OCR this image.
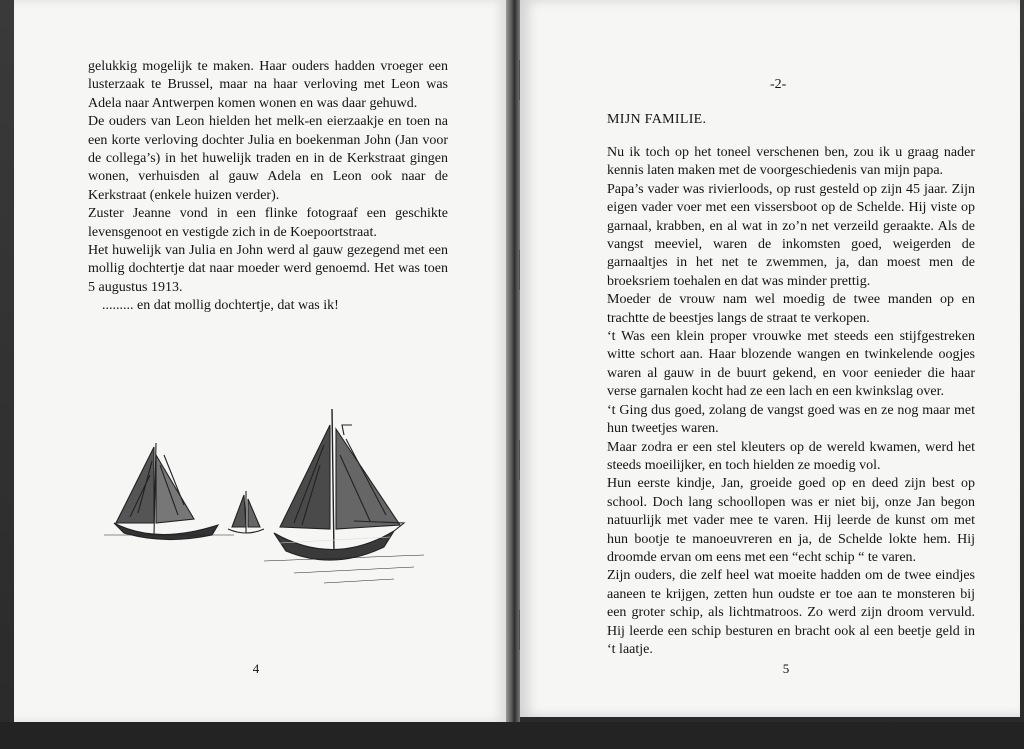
gelukkig mogelijk te maken. Haar ouders hadden vroeger een lusterzaak te Brussel, maar na haar verloving met Leon was Adela naar Antwerpen komen wonen en was daar gehuwd.

De ouders van Leon hielden het melk-en eierzaakje en toen na een korte verloving dochter Julia en boekenman John (Jan voor de collega’s) in het huwelijk traden en in de Kerkstraat gingen wonen, verhuisden al gauw Adela en Leon ook naar de Kerkstraat (enkele huizen verder).

Zuster Jeanne vond in een flinke fotograaf een geschikte levensgenoot en vestigde zich in de Koepoortstraat.

Het huwelijk van Julia en John werd al gauw gezegend met een mollig dochtertje dat naar moeder werd genoemd. Het was toen 5 augustus 1913.

......... en dat mollig dochtertje, dat was ik!

4
-2-
MIJN FAMILIE.

Nu ik toch op het toneel verschenen ben, zou ik u graag nader kennis laten maken met de voorgeschiedenis van mijn papa.

Papa’s vader was rivierloods, op rust gesteld op zijn 45 jaar. Zijn eigen vader voer met een vissersboot op de Schelde. Hij viste op garnaal, krabben, en al wat in zo’n net verzeild geraakte. Als de vangst meeviel, waren de inkomsten goed, weigerden de garnaaltjes in het net te zwemmen, ja, dan moest men de broeksriem toehalen en dat was minder prettig.

Moeder de vrouw nam wel moedig de twee manden op en trachtte de beestjes langs de straat te verkopen.

‘t Was een klein proper vrouwke met steeds een stijfgestreken witte schort aan. Haar blozende wangen en twinkelende oogjes waren al gauw in de buurt gekend, en voor eenieder die haar verse garnalen kocht had ze een lach en een kwinkslag over.

‘t Ging dus goed, zolang de vangst goed was en ze nog maar met hun tweetjes waren.

Maar zodra er een stel kleuters op de wereld kwamen, werd het steeds moeilijker, en toch hielden ze moedig vol.

Hun eerste kindje, Jan, groeide goed op en deed zijn best op school. Doch lang schoollopen was er niet bij, onze Jan begon natuurlijk met vader mee te varen. Hij leerde de kunst om met hun bootje te manoeuvreren en ja, de Schelde lokte hem. Hij droomde ervan om eens met een “echt schip “ te varen.

Zijn ouders, die zelf heel wat moeite hadden om de twee eindjes aaneen te krijgen, zetten hun oudste er toe aan te monsteren bij een groter schip, als lichtmatroos. Zo werd zijn droom vervuld. Hij leerde een schip besturen en bracht ook al een beetje geld in ‘t laatje.

5
